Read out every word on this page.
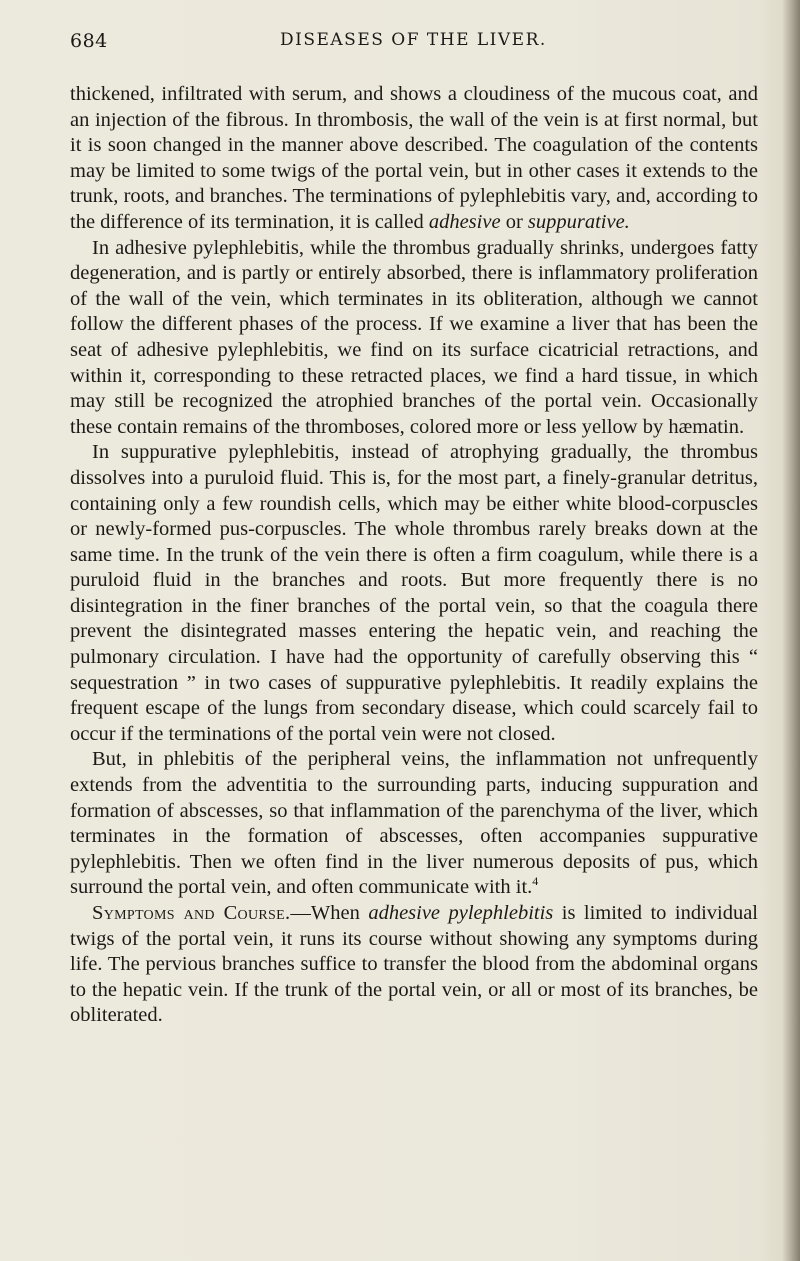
684	DISEASES OF THE LIVER.

thickened, infiltrated with serum, and shows a cloudiness of the mucous coat, and an injection of the fibrous. In thrombosis, the wall of the vein is at first normal, but it is soon changed in the manner above described. The coagulation of the contents may be limited to some twigs of the portal vein, but in other cases it extends to the trunk, roots, and branches. The terminations of pylephlebitis vary, and, according to the difference of its termination, it is called adhesive or suppurative.

In adhesive pylephlebitis, while the thrombus gradually shrinks, undergoes fatty degeneration, and is partly or entirely absorbed, there is inflammatory proliferation of the wall of the vein, which terminates in its obliteration, although we cannot follow the different phases of the process. If we examine a liver that has been the seat of adhesive pylephlebitis, we find on its surface cicatricial retractions, and within it, corresponding to these retracted places, we find a hard tissue, in which may still be recognized the atrophied branches of the portal vein. Occasionally these contain remains of the thromboses, colored more or less yellow by hæmatin.

In suppurative pylephlebitis, instead of atrophying gradually, the thrombus dissolves into a puruloid fluid. This is, for the most part, a finely-granular detritus, containing only a few roundish cells, which may be either white blood-corpuscles or newly-formed pus-corpuscles. The whole thrombus rarely breaks down at the same time. In the trunk of the vein there is often a firm coagulum, while there is a puruloid fluid in the branches and roots. But more frequently there is no disintegration in the finer branches of the portal vein, so that the coagula there prevent the disintegrated masses entering the hepatic vein, and reaching the pulmonary circulation. I have had the opportunity of carefully observing this “ sequestration ” in two cases of suppurative pylephlebitis. It readily explains the frequent escape of the lungs from secondary disease, which could scarcely fail to occur if the terminations of the portal vein were not closed.

But, in phlebitis of the peripheral veins, the inflammation not unfrequently extends from the adventitia to the surrounding parts, inducing suppuration and formation of abscesses, so that inflammation of the parenchyma of the liver, which terminates in the formation of abscesses, often accompanies suppurative pylephlebitis. Then we often find in the liver numerous deposits of pus, which surround the portal vein, and often communicate with it.$^4$

Symptoms and Course.—When adhesive pylephlebitis is limited to individual twigs of the portal vein, it runs its course without showing any symptoms during life. The pervious branches suffice to transfer the blood from the abdominal organs to the hepatic vein. If the trunk of the portal vein, or all or most of its branches, be obliterated.
